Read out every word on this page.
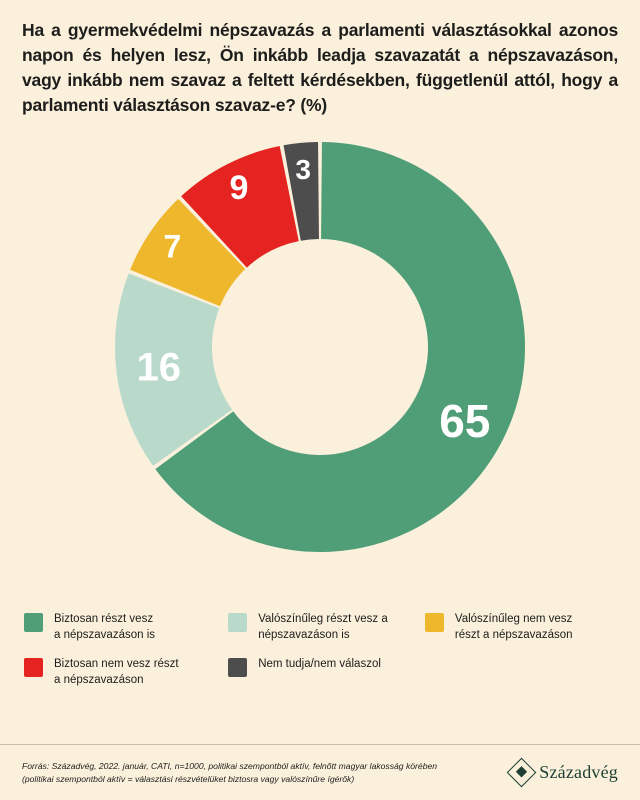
Ha a gyermekvédelmi népszavazás a parlamenti választásokkal azonos napon és helyen lesz, Ön inkább leadja szavazatát a népszavazáson, vagy inkább nem szavaz a feltett kérdésekben, függetlenül attól, hogy a parlamenti választáson szavaz-e? (%)
65
16
7
9 3
Biztosan részt vesz
a népszavazáson is
Valószínűleg részt vesz a
népszavazáson is
Valószínűleg nem vesz
részt a népszavazáson
Biztosan nem vesz részt
a népszavazáson
Nem tudja/nem válaszol
Forrás: Századvég, 2022. január, CATI, n=1000, politikai szempontból aktív, felnőtt magyar lakosság körében
(politikai szempontból aktív = választási részvételüket biztosra vagy valószínűre ígérők)	Századvég
